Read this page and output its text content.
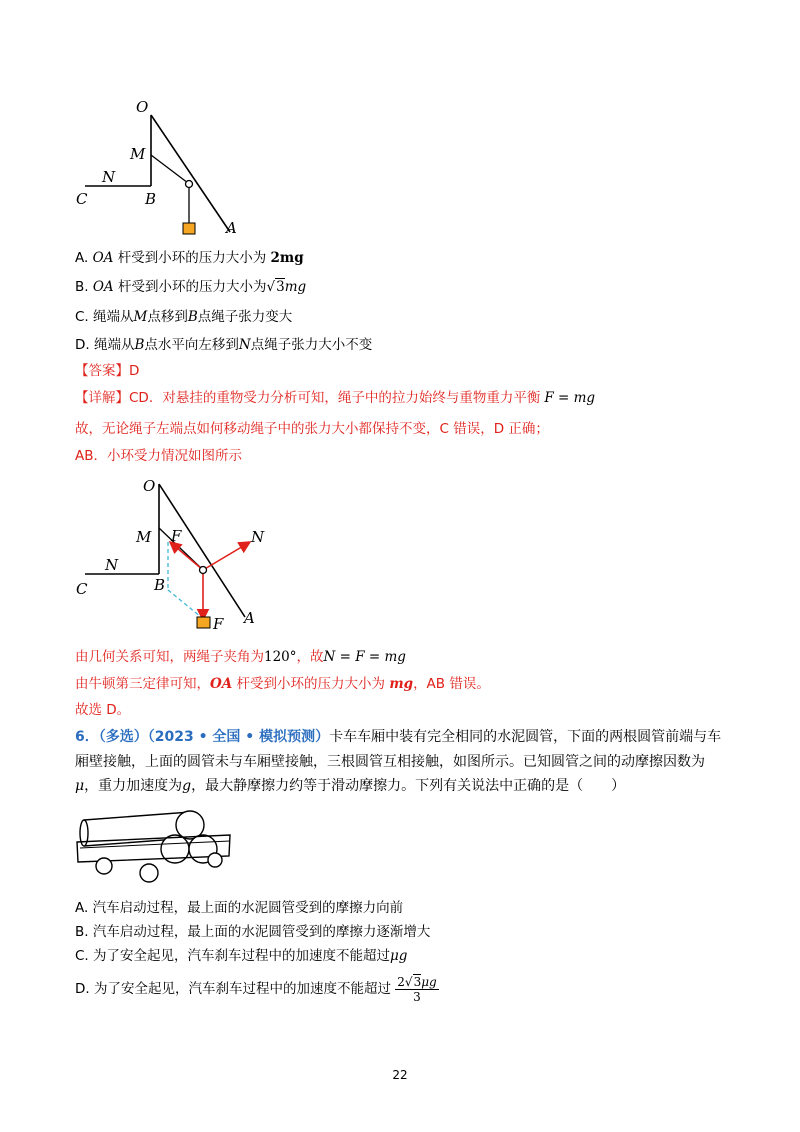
O
M
N
C	B
A
A. OA 杆受到小环的压力大小为 2mg
B. OA 杆受到小环的压力大小为√3mg
C. 绳端从M点移到B点绳子张力变大
D. 绳端从B点水平向左移到N点绳子张力大小不变
【答案】D
【详解】CD．对悬挂的重物受力分析可知，绳子中的拉力始终与重物重力平衡 F = mg
故，无论绳子左端点如何移动绳子中的张力大小都保持不变，C 错误，D 正确；
AB．小环受力情况如图所示
O
M F	N
N
C	B
F A
由几何关系可知，两绳子夹角为120°，故N = F = mg
由牛顿第三定律可知，OA 杆受到小环的压力大小为 mg，AB 错误。
故选 D。
6．（多选）（2023 • 全国 • 模拟预测）卡车车厢中装有完全相同的水泥圆管，下面的两根圆管前端与车
厢壁接触，上面的圆管未与车厢壁接触，三根圆管互相接触，如图所示。已知圆管之间的动摩擦因数为
μ，重力加速度为g，最大静摩擦力约等于滑动摩擦力。下列有关说法中正确的是（　　）
A. 汽车启动过程，最上面的水泥圆管受到的摩擦力向前
B. 汽车启动过程，最上面的水泥圆管受到的摩擦力逐渐增大
C. 为了安全起见，汽车刹车过程中的加速度不能超过μg
D. 为了安全起见，汽车刹车过程中的加速度不能超过 $\frac{2√3\mu g}{3}$
22
